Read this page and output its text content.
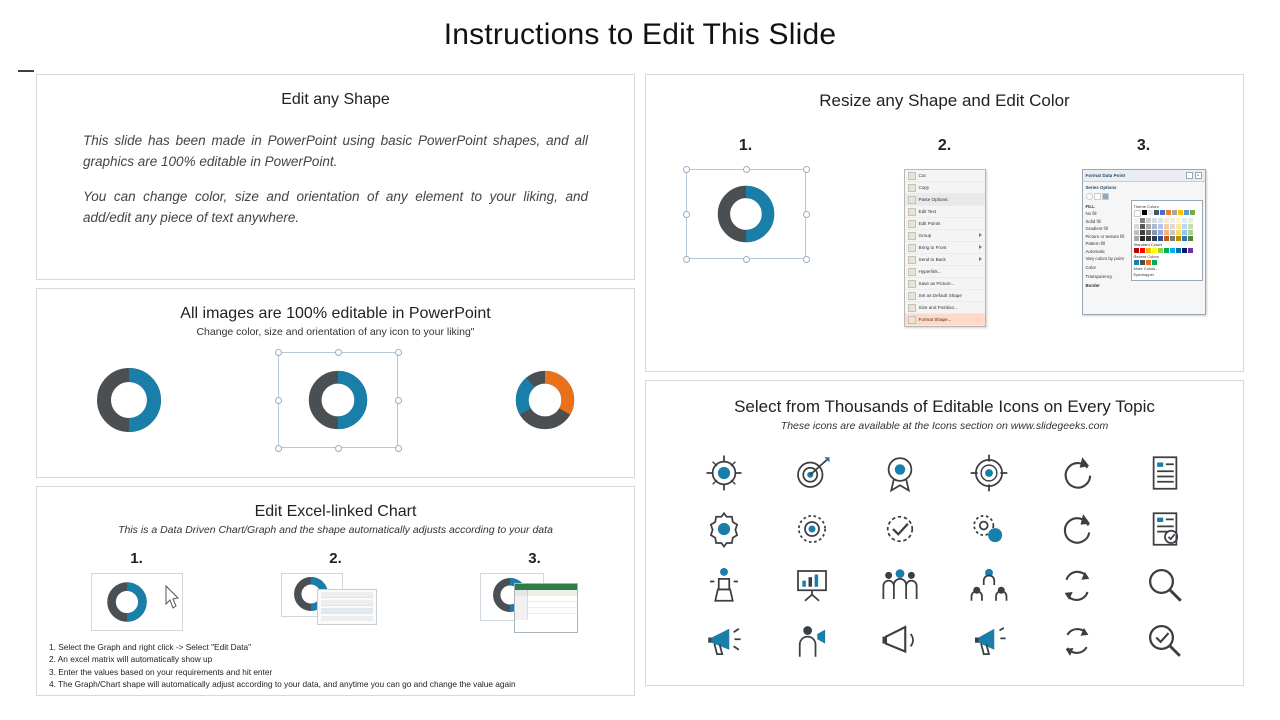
Instructions to Edit This Slide
Edit any Shape

This slide has been made in PowerPoint using basic PowerPoint shapes, and all graphics are 100% editable in PowerPoint.

You can change color, size and orientation of any element to your liking, and add/edit any piece of text anywhere.

All images are 100% editable in PowerPoint
Change color, size and orientation of any icon to your liking"
Edit Excel-linked Chart
This is a Data Driven Chart/Graph and the shape automatically adjusts according to your data
1.	2.	3.
1. Select the Graph and right click -> Select "Edit Data"
2. An excel matrix will automatically show up
3. Enter the values based on your requirements and hit enter
4. The Graph/Chart shape will automatically adjust according to your data, and anytime you can go and change the value again
Resize any Shape and Edit Color
1.	2.
Cut
Copy
Paste Options:
Edit Text
Edit Points
Group
Bring to Front
Send to Back
Hyperlink...
Save as Picture...
Set as Default Shape
Size and Position...
Format Shape...
3.
Format Data Point	-	x
Series Options
FILL
No fill
Solid fill
Gradient fill
Picture or texture fill
Pattern fill
Automatic
Vary colors by point
Color
Transparency
Border
Theme Colors
Standard Colors
Recent Colors
More Colors...
Eyedropper
Select from Thousands of Editable Icons on Every Topic
These icons are available at the Icons section on www.slidegeeks.com
